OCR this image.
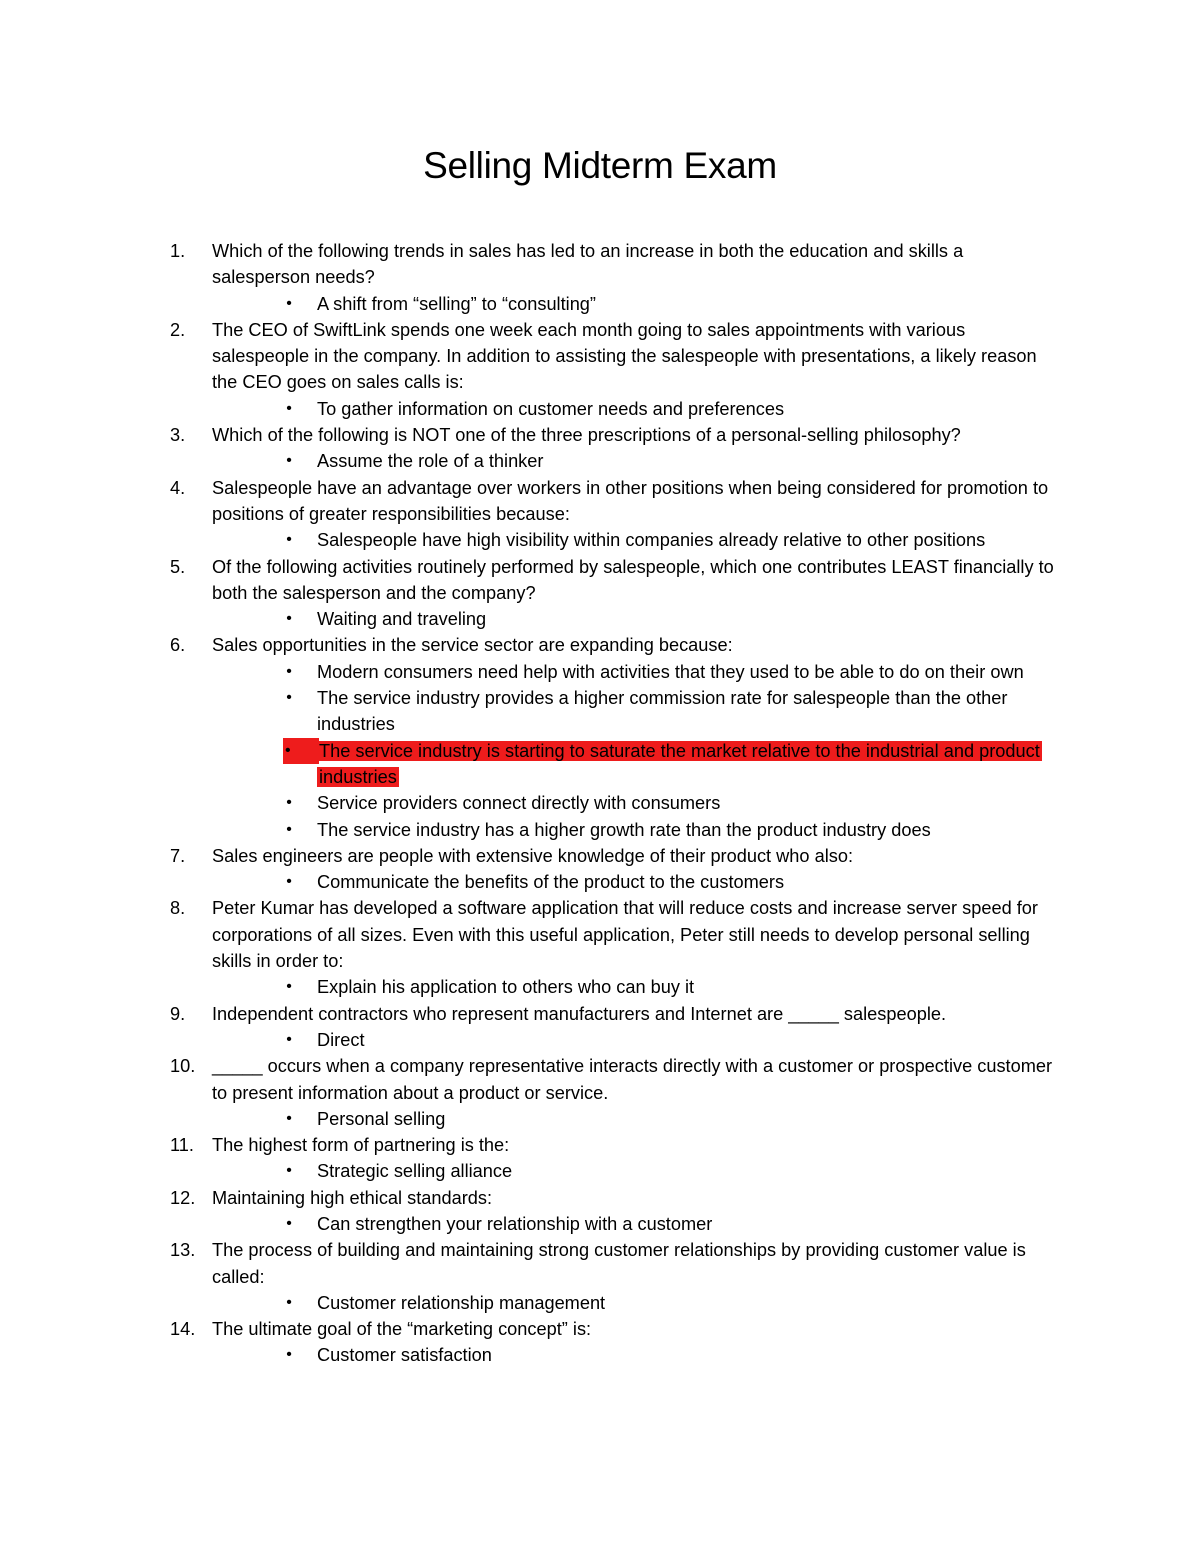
Selling Midterm Exam
1.	Which of the following trends in sales has led to an increase in both the education and skills a salesperson needs?
• A shift from “selling” to “consulting”
2.	The CEO of SwiftLink spends one week each month going to sales appointments with various salespeople in the company. In addition to assisting the salespeople with presentations, a likely reason the CEO goes on sales calls is:
• To gather information on customer needs and preferences
3.	Which of the following is NOT one of the three prescriptions of a personal-selling philosophy?
• Assume the role of a thinker
4.	Salespeople have an advantage over workers in other positions when being considered for promotion to positions of greater responsibilities because:
• Salespeople have high visibility within companies already relative to other positions
5.	Of the following activities routinely performed by salespeople, which one contributes LEAST financially to both the salesperson and the company?
• Waiting and traveling
6.	Sales opportunities in the service sector are expanding because:
• Modern consumers need help with activities that they used to be able to do on their own
• The service industry provides a higher commission rate for salespeople than the other industries
•	The service industry is starting to saturate the market relative to the industrial and product industries
• Service providers connect directly with consumers
• The service industry has a higher growth rate than the product industry does
7.	Sales engineers are people with extensive knowledge of their product who also:
• Communicate the benefits of the product to the customers
8.	Peter Kumar has developed a software application that will reduce costs and increase server speed for corporations of all sizes. Even with this useful application, Peter still needs to develop personal selling skills in order to:
• Explain his application to others who can buy it
9.	Independent contractors who represent manufacturers and Internet are _____ salespeople.
• Direct
10. _____ occurs when a company representative interacts directly with a customer or prospective customer to present information about a product or service.
• Personal selling
11. The highest form of partnering is the:
• Strategic selling alliance
12. Maintaining high ethical standards:
• Can strengthen your relationship with a customer
13. The process of building and maintaining strong customer relationships by providing customer value is called:
• Customer relationship management
14. The ultimate goal of the “marketing concept” is:
• Customer satisfaction
